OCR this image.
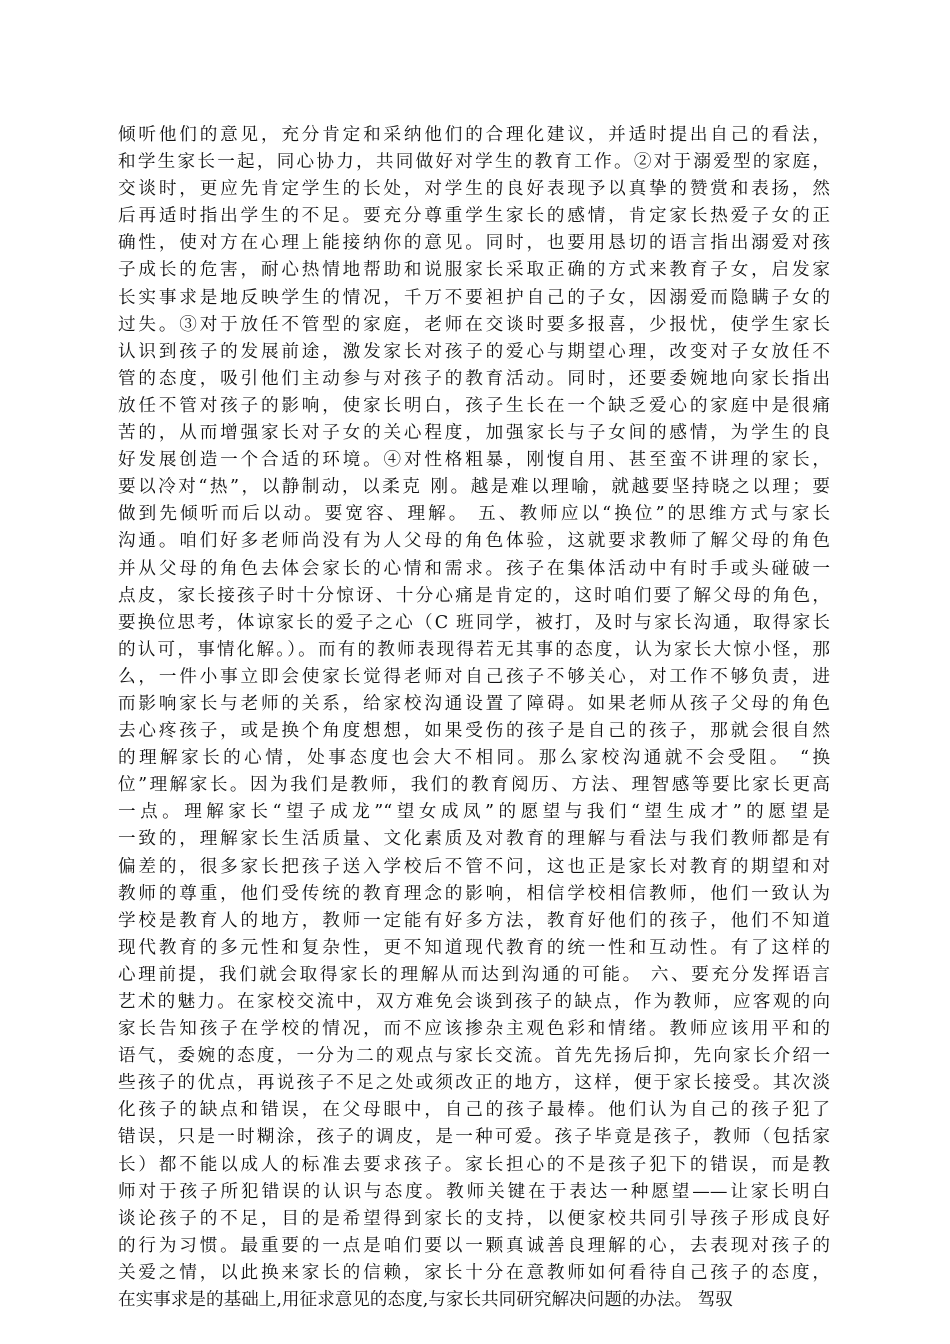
倾听他们的意见，充分肯定和采纳他们的合理化建议，并适时提出自己的看法，
和学生家长一起，同心协力，共同做好对学生的教育工作。②对于溺爱型的家庭，
交谈时，更应先肯定学生的长处，对学生的良好表现予以真挚的赞赏和表扬，然
后再适时指出学生的不足。要充分尊重学生家长的感情，肯定家长热爱子女的正
确性，使对方在心理上能接纳你的意见。同时，也要用恳切的语言指出溺爱对孩
子成长的危害，耐心热情地帮助和说服家长采取正确的方式来教育子女，启发家
长实事求是地反映学生的情况，千万不要袒护自己的子女，因溺爱而隐瞒子女的
过失。③对于放任不管型的家庭，老师在交谈时要多报喜，少报忧，使学生家长
认识到孩子的发展前途，激发家长对孩子的爱心与期望心理，改变对子女放任不
管的态度，吸引他们主动参与对孩子的教育活动。同时，还要委婉地向家长指出
放任不管对孩子的影响，使家长明白，孩子生长在一个缺乏爱心的家庭中是很痛
苦的，从而增强家长对子女的关心程度，加强家长与子女间的感情，为学生的良
好发展创造一个合适的环境。④对性格粗暴，刚愎自用、甚至蛮不讲理的家长，
要以冷对“热”，以静制动，以柔克 刚。越是难以理喻，就越要坚持晓之以理；要
做到先倾听而后以动。要宽容、理解。 五、教师应以“换位”的思维方式与家长
沟通。咱们好多老师尚没有为人父母的角色体验，这就要求教师了解父母的角色
并从父母的角色去体会家长的心情和需求。孩子在集体活动中有时手或头碰破一
点皮，家长接孩子时十分惊讶、十分心痛是肯定的，这时咱们要了解父母的角色，
要换位思考，体谅家长的爱子之心（C 班同学，被打，及时与家长沟通，取得家长
的认可，事情化解。）。而有的教师表现得若无其事的态度，认为家长大惊小怪，那
么，一件小事立即会使家长觉得老师对自己孩子不够关心，对工作不够负责，进
而影响家长与老师的关系，给家校沟通设置了障碍。如果老师从孩子父母的角色
去心疼孩子，或是换个角度想想，如果受伤的孩子是自己的孩子，那就会很自然
的理解家长的心情，处事态度也会大不相同。那么家校沟通就不会受阻。 “换
位”理解家长。因为我们是教师，我们的教育阅历、方法、理智感等要比家长更高
一点。理解家长“望子成龙”“望女成凤”的愿望与我们“望生成才”的愿望是
一致的，理解家长生活质量、文化素质及对教育的理解与看法与我们教师都是有
偏差的，很多家长把孩子送入学校后不管不问，这也正是家长对教育的期望和对
教师的尊重，他们受传统的教育理念的影响，相信学校相信教师，他们一致认为
学校是教育人的地方，教师一定能有好多方法，教育好他们的孩子，他们不知道
现代教育的多元性和复杂性，更不知道现代教育的统一性和互动性。有了这样的
心理前提，我们就会取得家长的理解从而达到沟通的可能。 六、要充分发挥语言
艺术的魅力。在家校交流中，双方难免会谈到孩子的缺点，作为教师，应客观的向
家长告知孩子在学校的情况，而不应该掺杂主观色彩和情绪。教师应该用平和的
语气，委婉的态度，一分为二的观点与家长交流。首先先扬后抑，先向家长介绍一
些孩子的优点，再说孩子不足之处或须改正的地方，这样，便于家长接受。其次淡
化孩子的缺点和错误，在父母眼中，自己的孩子最棒。他们认为自己的孩子犯了
错误，只是一时糊涂，孩子的调皮，是一种可爱。孩子毕竟是孩子，教师（包括家
长）都不能以成人的标准去要求孩子。家长担心的不是孩子犯下的错误，而是教
师对于孩子所犯错误的认识与态度。教师关键在于表达一种愿望——让家长明白
谈论孩子的不足，目的是希望得到家长的支持，以便家校共同引导孩子形成良好
的行为习惯。最重要的一点是咱们要以一颗真诚善良理解的心，去表现对孩子的
关爱之情，以此换来家长的信赖，家长十分在意教师如何看待自己孩子的态度，
在实事求是的基础上,用征求意见的态度,与家长共同研究解决问题的办法。 驾驭
